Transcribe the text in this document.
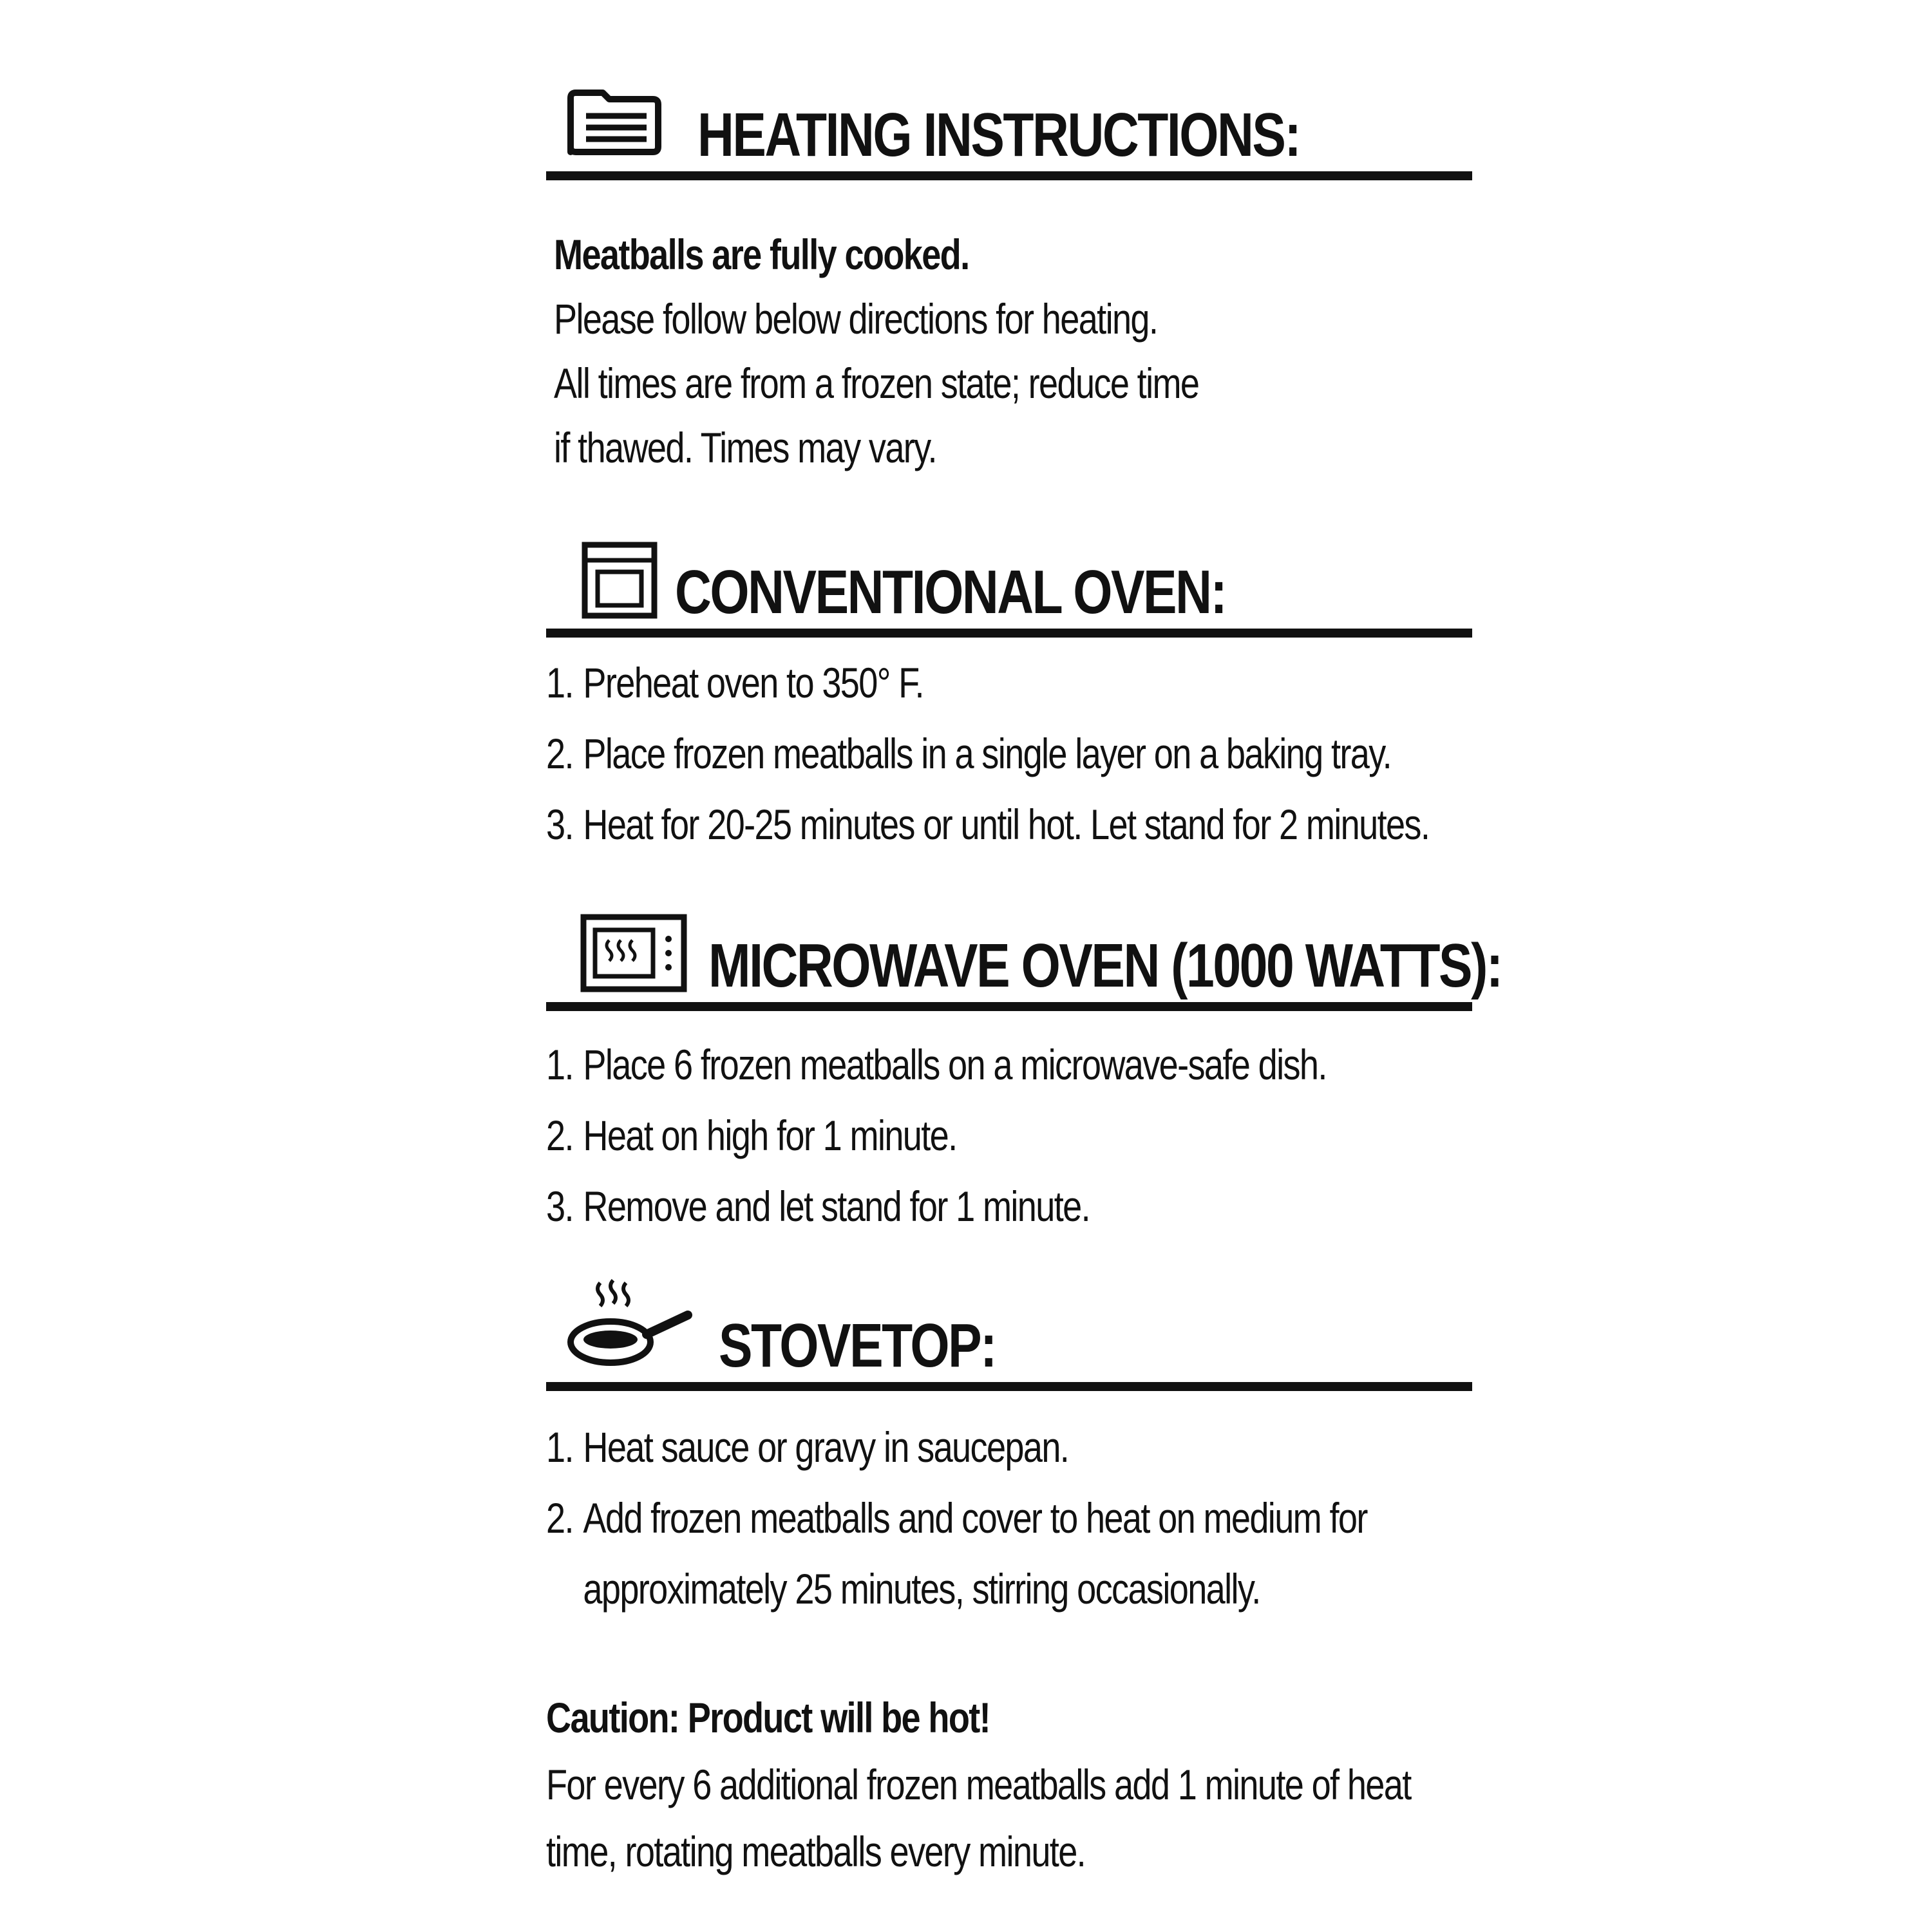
HEATING INSTRUCTIONS:
Meatballs are fully cooked.
Please follow below directions for heating.
All times are from a frozen state; reduce time
if thawed. Times may vary.
CONVENTIONAL OVEN:
1. Preheat oven to 350° F.
2. Place frozen meatballs in a single layer on a baking tray.
3. Heat for 20-25 minutes or until hot. Let stand for 2 minutes.
MICROWAVE OVEN (1000 WATTS):
1. Place 6 frozen meatballs on a microwave-safe dish.
2. Heat on high for 1 minute.
3. Remove and let stand for 1 minute.
STOVETOP:
1. Heat sauce or gravy in saucepan.
2. Add frozen meatballs and cover to heat on medium for
approximately 25 minutes, stirring occasionally.
Caution: Product will be hot!
For every 6 additional frozen meatballs add 1 minute of heat
time, rotating meatballs every minute.
